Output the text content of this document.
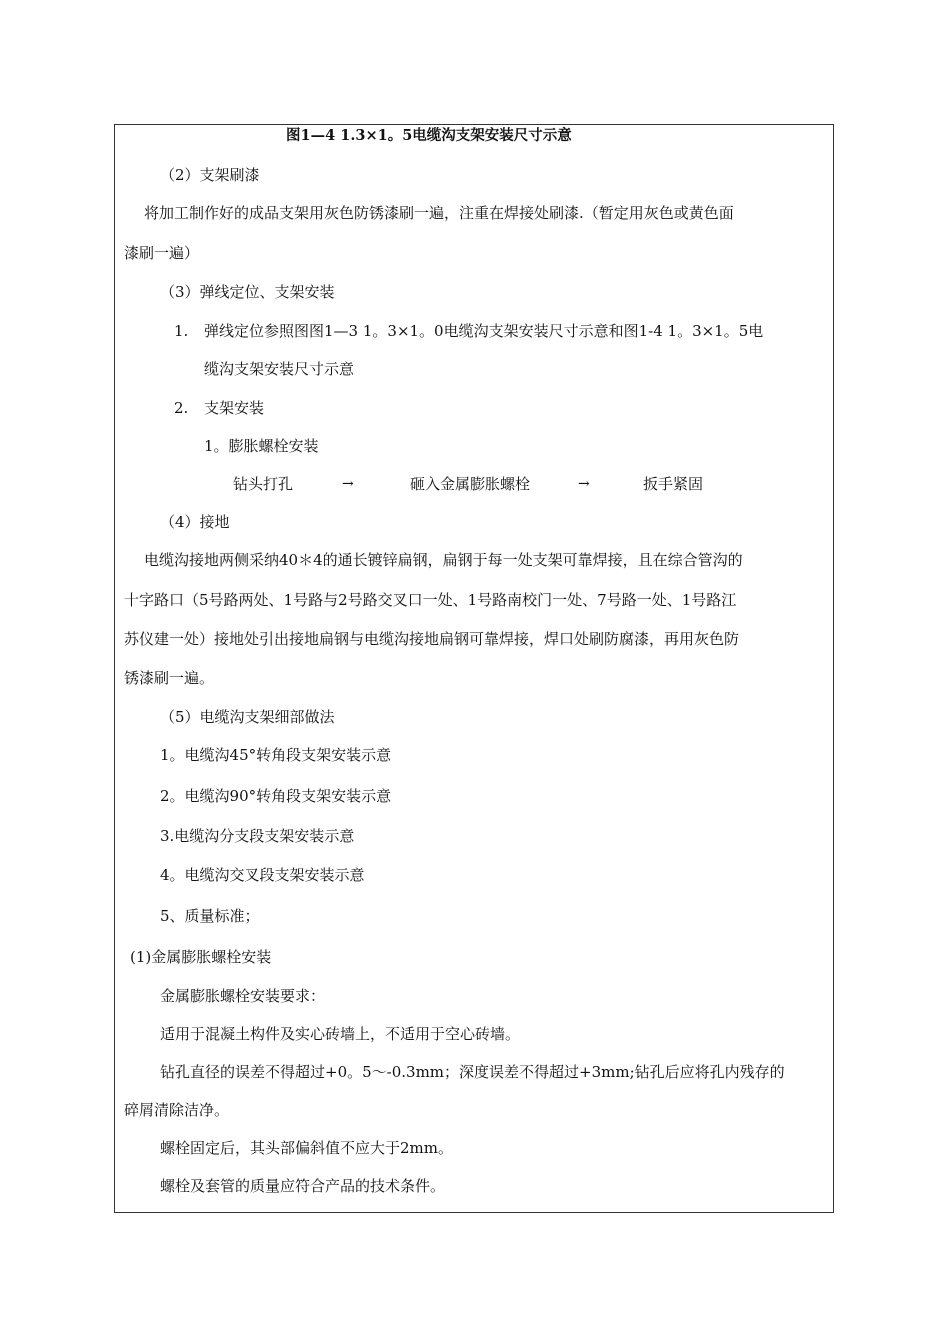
图1—4 1.3×1。5电缆沟支架安装尺寸示意
（2）支架刷漆
将加工制作好的成品支架用灰色防锈漆刷一遍，注重在焊接处刷漆.（暂定用灰色或黄色面
漆刷一遍）
（3）弹线定位、支架安装
1. 弹线定位参照图图1—3 1。3×1。0电缆沟支架安装尺寸示意和图1-4 1。3×1。5电
缆沟支架安装尺寸示意
2. 支架安装
1。膨胀螺栓安装
钻头打孔	→	砸入金属膨胀螺栓	→	扳手紧固
（4）接地
电缆沟接地两侧采纳40＊4的通长镀锌扁钢，扁钢于每一处支架可靠焊接，且在综合管沟的
十字路口（5号路两处、1号路与2号路交叉口一处、1号路南校门一处、7号路一处、1号路江
苏仪建一处）接地处引出接地扁钢与电缆沟接地扁钢可靠焊接，焊口处刷防腐漆，再用灰色防
锈漆刷一遍。
（5）电缆沟支架细部做法
1。电缆沟45°转角段支架安装示意
2。电缆沟90°转角段支架安装示意
3.电缆沟分支段支架安装示意
4。电缆沟交叉段支架安装示意
5、质量标准；
(1)金属膨胀螺栓安装
金属膨胀螺栓安装要求：
适用于混凝土构件及实心砖墙上，不适用于空心砖墙。
钻孔直径的误差不得超过+0。5～-0.3mm；深度误差不得超过+3mm;钻孔后应将孔内残存的
碎屑清除洁净。
螺栓固定后，其头部偏斜值不应大于2mm。
螺栓及套管的质量应符合产品的技术条件。
